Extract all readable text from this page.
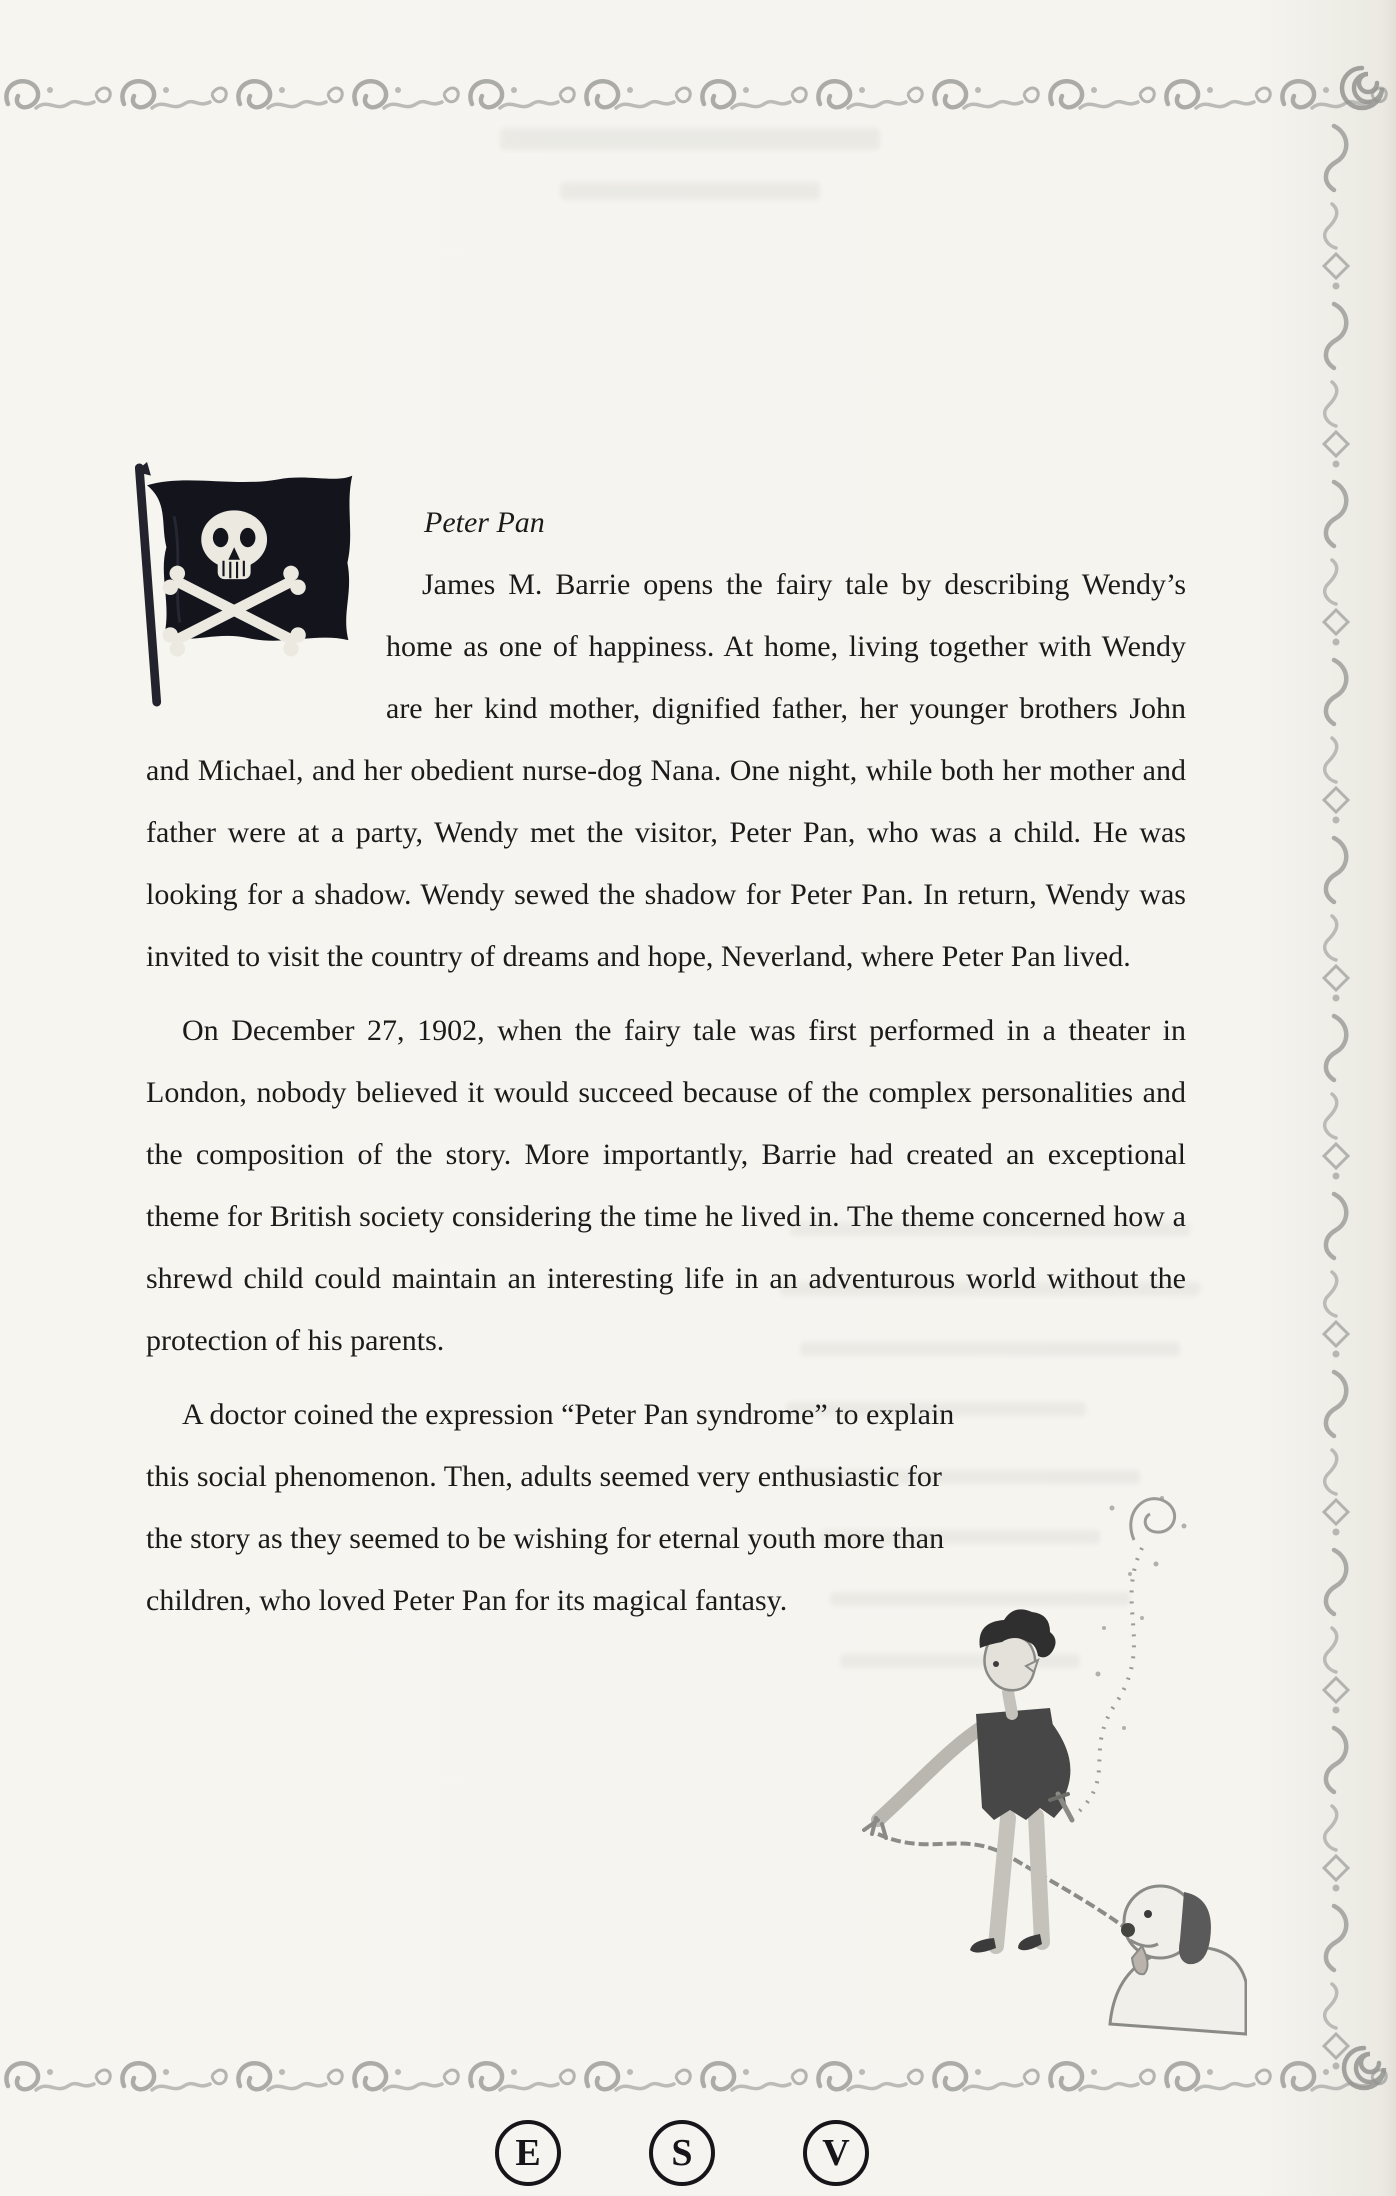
Peter Pan

James M. Barrie opens the fairy tale by describing Wendy’s home as one of happiness. At home, living together with Wendy are her kind mother, dignified father, her younger brothers John and Michael, and her obedient nurse-dog Nana. One night, while both her mother and father were at a party, Wendy met the visitor, Peter Pan, who was a child. He was looking for a shadow. Wendy sewed the shadow for Peter Pan. In return, Wendy was invited to visit the country of dreams and hope, Neverland, where Peter Pan lived.

On December 27, 1902, when the fairy tale was first performed in a theater in London, nobody believed it would succeed because of the complex personalities and the composition of the story. More importantly, Barrie had created an exceptional theme for British society considering the time he lived in. The theme concerned how a shrewd child could maintain an interesting life in an adventurous world without the protection of his parents.

A doctor coined the expression “Peter Pan syndrome” to explain this social phenomenon. Then, adults seemed very enthusiastic for the story as they seemed to be wishing for eternal youth more than children, who loved Peter Pan for its magical fantasy.

E	S	V
